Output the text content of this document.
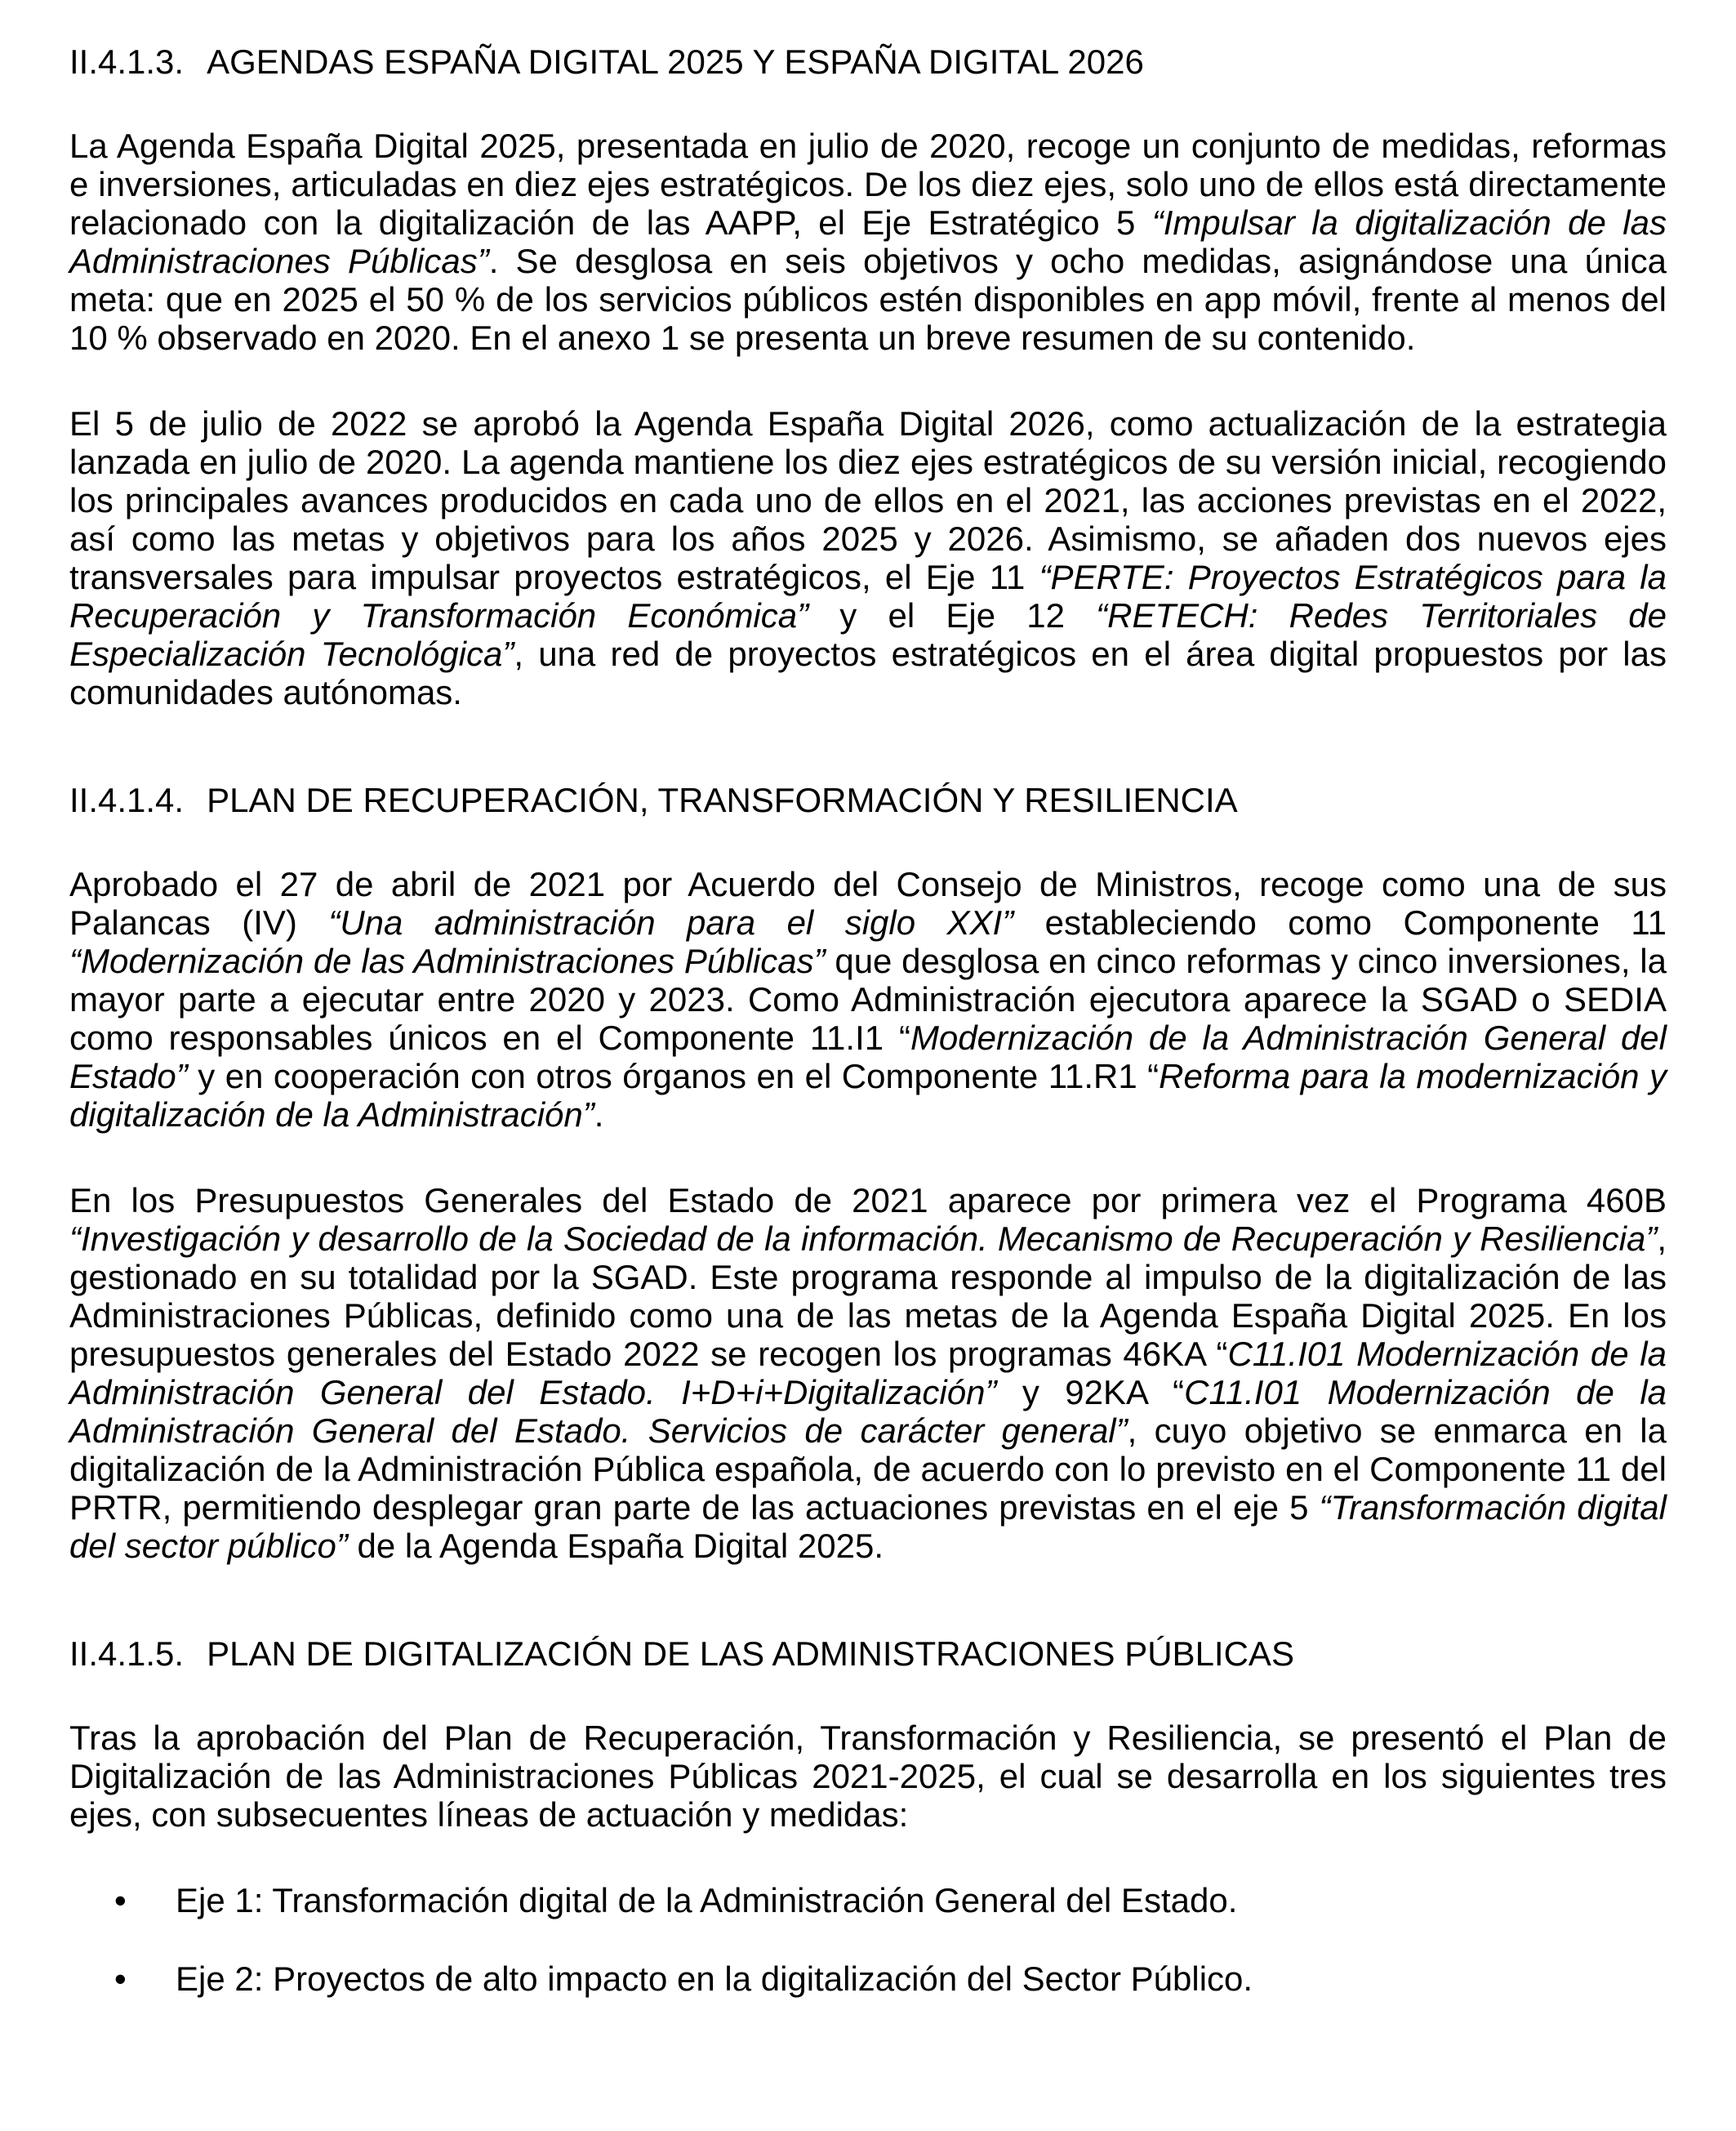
II.4.1.3. AGENDAS ESPAÑA DIGITAL 2025 Y ESPAÑA DIGITAL 2026

La Agenda España Digital 2025, presentada en julio de 2020, recoge un conjunto de medidas, reformas e inversiones, articuladas en diez ejes estratégicos. De los diez ejes, solo uno de ellos está directamente relacionado con la digitalización de las AAPP, el Eje Estratégico 5 “Impulsar la digitalización de las Administraciones Públicas”. Se desglosa en seis objetivos y ocho medidas, asignándose una única meta: que en 2025 el 50 % de los servicios públicos estén disponibles en app móvil, frente al menos del 10 % observado en 2020. En el anexo 1 se presenta un breve resumen de su contenido.

El 5 de julio de 2022 se aprobó la Agenda España Digital 2026, como actualización de la estrategia lanzada en julio de 2020. La agenda mantiene los diez ejes estratégicos de su versión inicial, recogiendo los principales avances producidos en cada uno de ellos en el 2021, las acciones previstas en el 2022, así como las metas y objetivos para los años 2025 y 2026. Asimismo, se añaden dos nuevos ejes transversales para impulsar proyectos estratégicos, el Eje 11 “PERTE: Proyectos Estratégicos para la Recuperación y Transformación Económica” y el Eje 12 “RETECH: Redes Territoriales de Especialización Tecnológica”, una red de proyectos estratégicos en el área digital propuestos por las comunidades autónomas.

II.4.1.4. PLAN DE RECUPERACIÓN, TRANSFORMACIÓN Y RESILIENCIA

Aprobado el 27 de abril de 2021 por Acuerdo del Consejo de Ministros, recoge como una de sus Palancas (IV) “Una administración para el siglo XXI” estableciendo como Componente 11 “Modernización de las Administraciones Públicas” que desglosa en cinco reformas y cinco inversiones, la mayor parte a ejecutar entre 2020 y 2023. Como Administración ejecutora aparece la SGAD o SEDIA como responsables únicos en el Componente 11.I1 “Modernización de la Administración General del Estado” y en cooperación con otros órganos en el Componente 11.R1 “Reforma para la modernización y digitalización de la Administración”.

En los Presupuestos Generales del Estado de 2021 aparece por primera vez el Programa 460B “Investigación y desarrollo de la Sociedad de la información. Mecanismo de Recuperación y Resiliencia”, gestionado en su totalidad por la SGAD. Este programa responde al impulso de la digitalización de las Administraciones Públicas, definido como una de las metas de la Agenda España Digital 2025. En los presupuestos generales del Estado 2022 se recogen los programas 46KA “C11.I01 Modernización de la Administración General del Estado. I+D+i+Digitalización” y 92KA “C11.I01 Modernización de la Administración General del Estado. Servicios de carácter general”, cuyo objetivo se enmarca en la digitalización de la Administración Pública española, de acuerdo con lo previsto en el Componente 11 del PRTR, permitiendo desplegar gran parte de las actuaciones previstas en el eje 5 “Transformación digital del sector público” de la Agenda España Digital 2025.

II.4.1.5. PLAN DE DIGITALIZACIÓN DE LAS ADMINISTRACIONES PÚBLICAS

Tras la aprobación del Plan de Recuperación, Transformación y Resiliencia, se presentó el Plan de Digitalización de las Administraciones Públicas 2021-2025, el cual se desarrolla en los siguientes tres ejes, con subsecuentes líneas de actuación y medidas:

• Eje 1: Transformación digital de la Administración General del Estado.
• Eje 2: Proyectos de alto impacto en la digitalización del Sector Público.
